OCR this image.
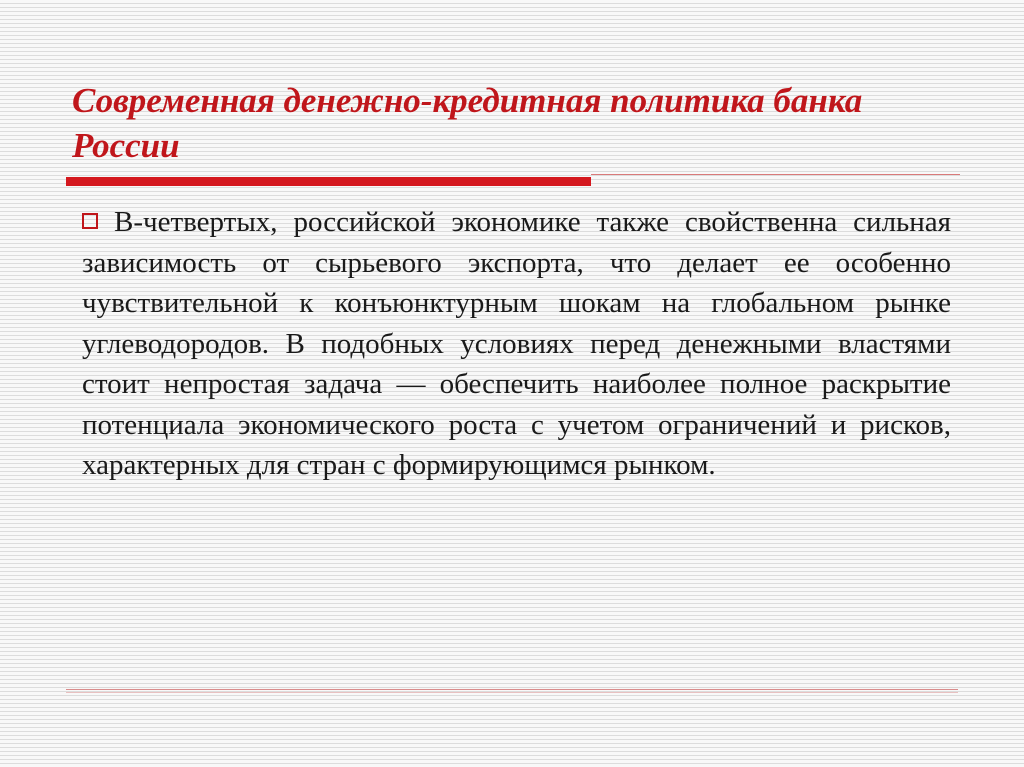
Современная денежно-кредитная политика банка России

В-четвертых, российской экономике также свойственна сильная зависимость от сырьевого экспорта, что делает ее особенно чувствительной к конъюнктурным шокам на глобальном рынке углеводородов. В подобных условиях перед денежными властями стоит непростая задача — обеспечить наиболее полное раскрытие потенциала экономического роста с учетом ограничений и рисков, характерных для стран с формирующимся рынком.
